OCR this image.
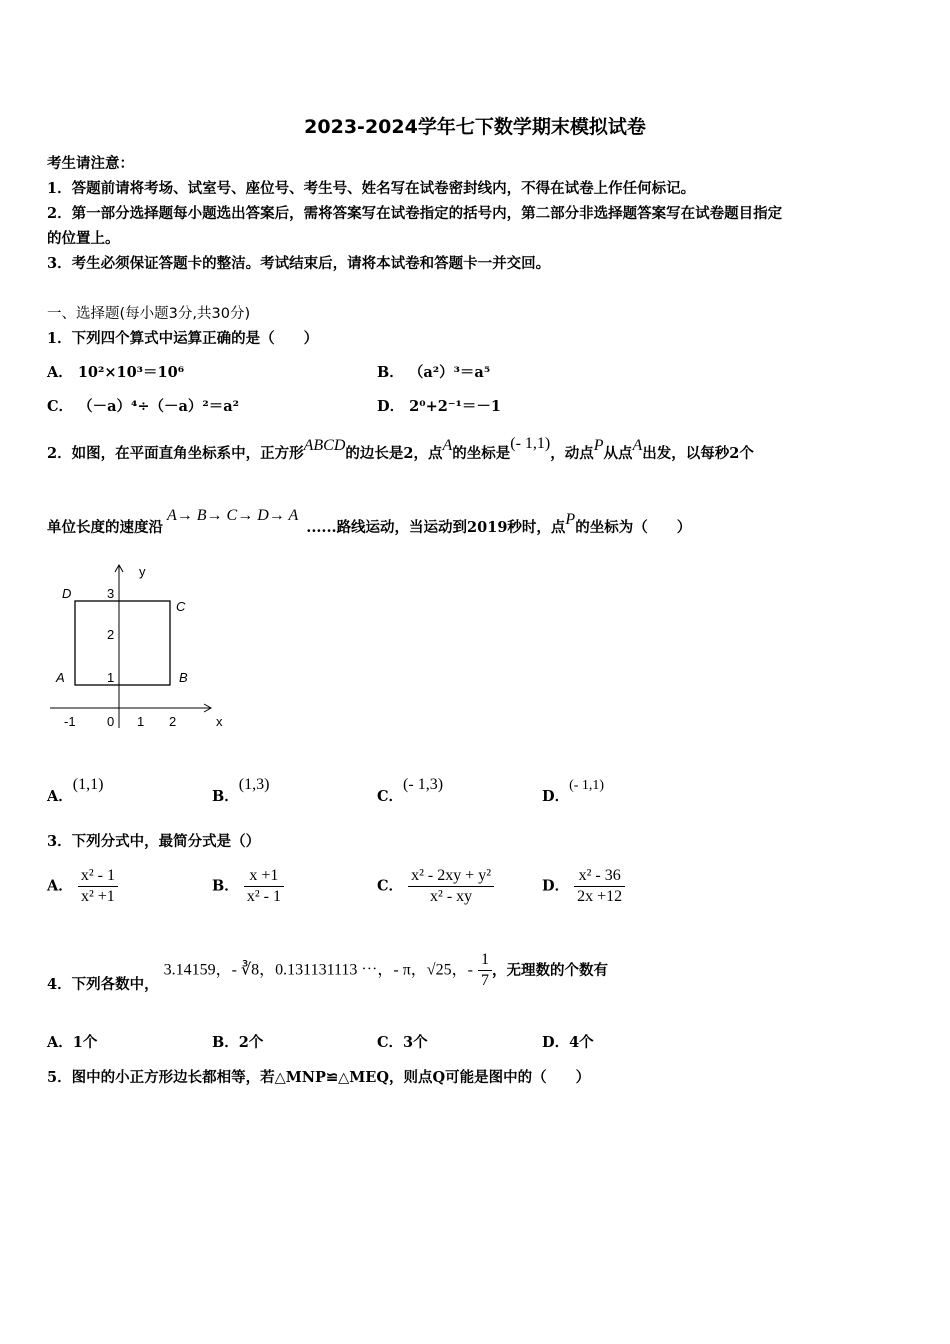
2023-2024学年七下数学期末模拟试卷
考生请注意：
1．答题前请将考场、试室号、座位号、考生号、姓名写在试卷密封线内，不得在试卷上作任何标记。
2．第一部分选择题每小题选出答案后，需将答案写在试卷指定的括号内，第二部分非选择题答案写在试卷题目指定
的位置上。
3．考生必须保证答题卡的整洁。考试结束后，请将本试卷和答题卡一并交回。
一、选择题(每小题3分,共30分)
1．下列四个算式中运算正确的是（　　）
A． 10²×10³＝10⁶	B． （a²）³＝a⁵
C． （－a）⁴÷（－a）²＝a²	D． 2⁰+2⁻¹＝－1
2．如图，在平面直角坐标系中，正方形ABCD的边长是2，点A的坐标是(- 1,1)，动点P从点A出发，以每秒2个
单位长度的速度沿A→ B→ C→ D→ A......路线运动，当运动到2019秒时，点P的坐标为（　　）
y
x
D
C
A	B
3
2
1
-1 0 1 2
A．(1,1)
B．(1,3)
C．(- 1,3)
D．(- 1,1)
3．下列分式中，最简分式是（）
A． $\frac{\text{x² - 1}}{\text{x² +1}}$	B． $\frac{x +1}{\text{x² - 1}}$	C． $\frac{\text{x² - 2xy + y²}}{\text{x² - xy}}$	D． $\frac{\text{x² - 36}}{2x +12}$
4．下列各数中， 3.14159，- ∛8，0.131131113 ⋯，- π，√25，- $\frac{1}{7}$ ，无理数的个数有
A．1个	B．2个	C．3个	D．4个
5．图中的小正方形边长都相等，若△MNP≌△MEQ，则点Q可能是图中的（　　）
